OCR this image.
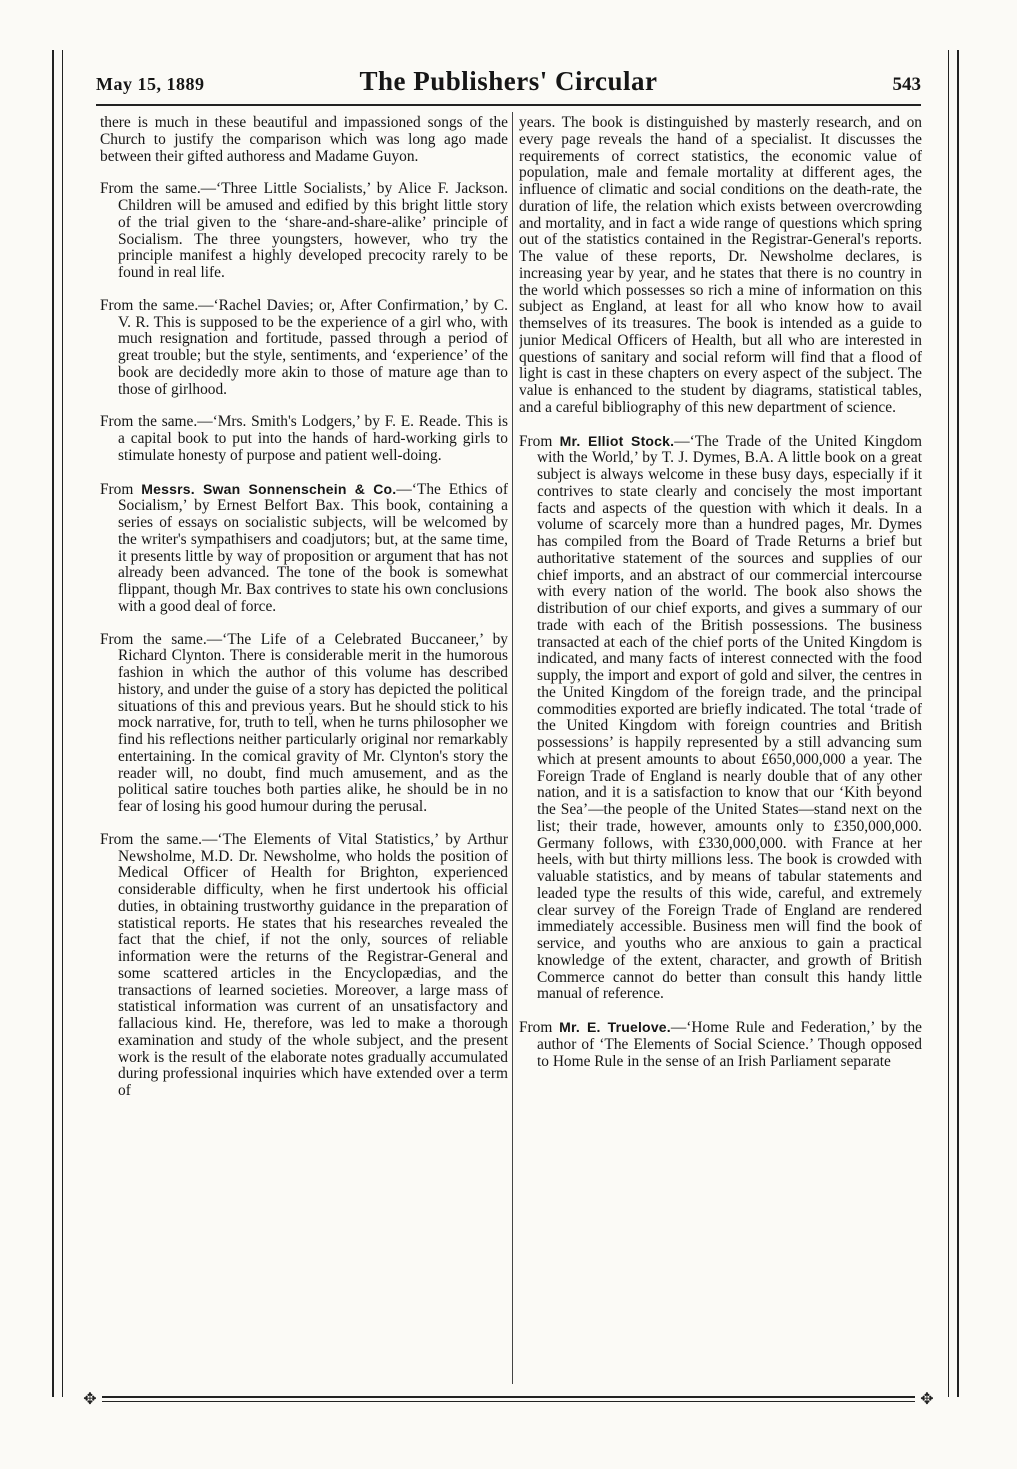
May 15, 1889	The Publishers' Circular	543

there is much in these beautiful and impassioned songs of the Church to justify the comparison which was long ago made between their gifted authoress and Madame Guyon.

From the same.—‘Three Little Socialists,’ by Alice F. Jackson. Children will be amused and edified by this bright little story of the trial given to the ‘share-and-share-alike’ principle of Socialism. The three youngsters, however, who try the principle manifest a highly developed precocity rarely to be found in real life.

From the same.—‘Rachel Davies; or, After Confirmation,’ by C. V. R. This is supposed to be the experience of a girl who, with much resignation and fortitude, passed through a period of great trouble; but the style, sentiments, and ‘experience’ of the book are decidedly more akin to those of mature age than to those of girlhood.

From the same.—‘Mrs. Smith's Lodgers,’ by F. E. Reade. This is a capital book to put into the hands of hard-working girls to stimulate honesty of purpose and patient well-doing.

From Messrs. Swan Sonnenschein & Co.—‘The Ethics of Socialism,’ by Ernest Belfort Bax. This book, containing a series of essays on socialistic subjects, will be welcomed by the writer's sympathisers and coadjutors; but, at the same time, it presents little by way of proposition or argument that has not already been advanced. The tone of the book is somewhat flippant, though Mr. Bax contrives to state his own conclusions with a good deal of force.

From the same.—‘The Life of a Celebrated Buccaneer,’ by Richard Clynton. There is considerable merit in the humorous fashion in which the author of this volume has described history, and under the guise of a story has depicted the political situations of this and previous years. But he should stick to his mock narrative, for, truth to tell, when he turns philosopher we find his reflections neither particularly original nor remarkably entertaining. In the comical gravity of Mr. Clynton's story the reader will, no doubt, find much amusement, and as the political satire touches both parties alike, he should be in no fear of losing his good humour during the perusal.

From the same.—‘The Elements of Vital Statistics,’ by Arthur Newsholme, M.D. Dr. Newsholme, who holds the position of Medical Officer of Health for Brighton, experienced considerable difficulty, when he first undertook his official duties, in obtaining trustworthy guidance in the preparation of statistical reports. He states that his researches revealed the fact that the chief, if not the only, sources of reliable information were the returns of the Registrar-General and some scattered articles in the Encyclopædias, and the transactions of learned societies. Moreover, a large mass of statistical information was current of an unsatisfactory and fallacious kind. He, therefore, was led to make a thorough examination and study of the whole subject, and the present work is the result of the elaborate notes gradually accumulated during professional inquiries which have extended over a term of

years. The book is distinguished by masterly research, and on every page reveals the hand of a specialist. It discusses the requirements of correct statistics, the economic value of population, male and female mortality at different ages, the influence of climatic and social conditions on the death-rate, the duration of life, the relation which exists between overcrowding and mortality, and in fact a wide range of questions which spring out of the statistics contained in the Registrar-General's reports. The value of these reports, Dr. Newsholme declares, is increasing year by year, and he states that there is no country in the world which possesses so rich a mine of information on this subject as England, at least for all who know how to avail themselves of its treasures. The book is intended as a guide to junior Medical Officers of Health, but all who are interested in questions of sanitary and social reform will find that a flood of light is cast in these chapters on every aspect of the subject. The value is enhanced to the student by diagrams, statistical tables, and a careful bibliography of this new department of science.

From Mr. Elliot Stock.—‘The Trade of the United Kingdom with the World,’ by T. J. Dymes, B.A. A little book on a great subject is always welcome in these busy days, especially if it contrives to state clearly and concisely the most important facts and aspects of the question with which it deals. In a volume of scarcely more than a hundred pages, Mr. Dymes has compiled from the Board of Trade Returns a brief but authoritative statement of the sources and supplies of our chief imports, and an abstract of our commercial intercourse with every nation of the world. The book also shows the distribution of our chief exports, and gives a summary of our trade with each of the British possessions. The business transacted at each of the chief ports of the United Kingdom is indicated, and many facts of interest connected with the food supply, the import and export of gold and silver, the centres in the United Kingdom of the foreign trade, and the principal commodities exported are briefly indicated. The total ‘trade of the United Kingdom with foreign countries and British possessions’ is happily represented by a still advancing sum which at present amounts to about £650,000,000 a year. The Foreign Trade of England is nearly double that of any other nation, and it is a satisfaction to know that our ‘Kith beyond the Sea’—the people of the United States—stand next on the list; their trade, however, amounts only to £350,000,000. Germany follows, with £330,000,000. with France at her heels, with but thirty millions less. The book is crowded with valuable statistics, and by means of tabular statements and leaded type the results of this wide, careful, and extremely clear survey of the Foreign Trade of England are rendered immediately accessible. Business men will find the book of service, and youths who are anxious to gain a practical knowledge of the extent, character, and growth of British Commerce cannot do better than consult this handy little manual of reference.

From Mr. E. Truelove.—‘Home Rule and Federation,’ by the author of ‘The Elements of Social Science.’ Though opposed to Home Rule in the sense of an Irish Parliament separate

✥	✥
